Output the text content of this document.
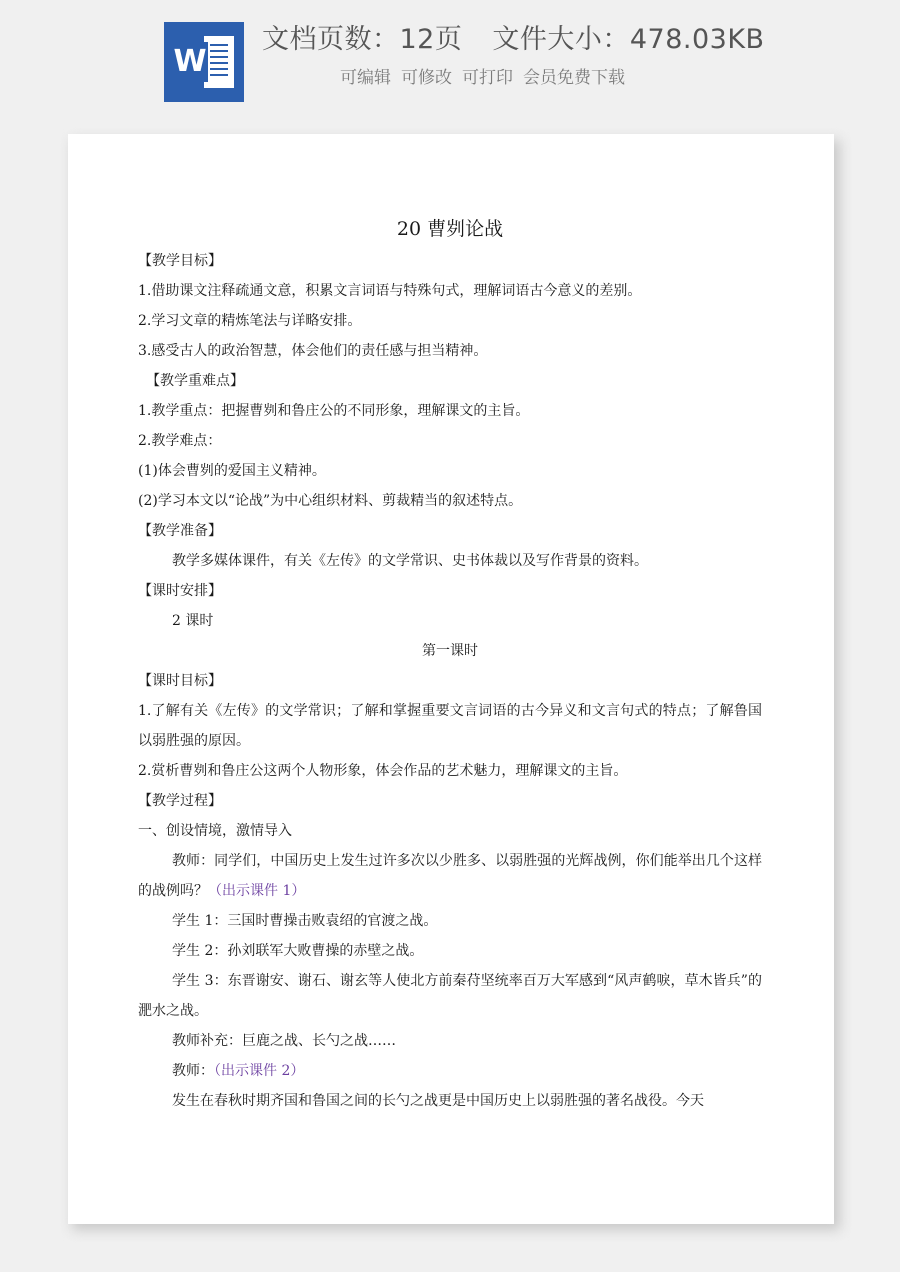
W
文档页数：12页 文件大小：478.03KB
可编辑 可修改 可打印 会员免费下载
20 曹刿论战
【教学目标】
1.借助课文注释疏通文意，积累文言词语与特殊句式，理解词语古今意义的差别。
2.学习文章的精炼笔法与详略安排。
3.感受古人的政治智慧，体会他们的责任感与担当精神。
【教学重难点】
1.教学重点：把握曹刿和鲁庄公的不同形象，理解课文的主旨。
2.教学难点：
(1)体会曹刿的爱国主义精神。
(2)学习本文以“论战”为中心组织材料、剪裁精当的叙述特点。
【教学准备】
教学多媒体课件，有关《左传》的文学常识、史书体裁以及写作背景的资料。
【课时安排】
2 课时
第一课时
【课时目标】
1.了解有关《左传》的文学常识；了解和掌握重要文言词语的古今异义和文言句式的特点；了解鲁国以弱胜强的原因。
2.赏析曹刿和鲁庄公这两个人物形象，体会作品的艺术魅力，理解课文的主旨。
【教学过程】
一、创设情境，激情导入
教师：同学们，中国历史上发生过许多次以少胜多、以弱胜强的光辉战例，你们能举出几个这样的战例吗？（出示课件 1）
学生 1：三国时曹操击败袁绍的官渡之战。
学生 2：孙刘联军大败曹操的赤壁之战。
学生 3：东晋谢安、谢石、谢玄等人使北方前秦苻坚统率百万大军感到“风声鹤唳，草木皆兵”的淝水之战。
教师补充：巨鹿之战、长勺之战……
教师：（出示课件 2）
发生在春秋时期齐国和鲁国之间的长勺之战更是中国历史上以弱胜强的著名战役。今天
